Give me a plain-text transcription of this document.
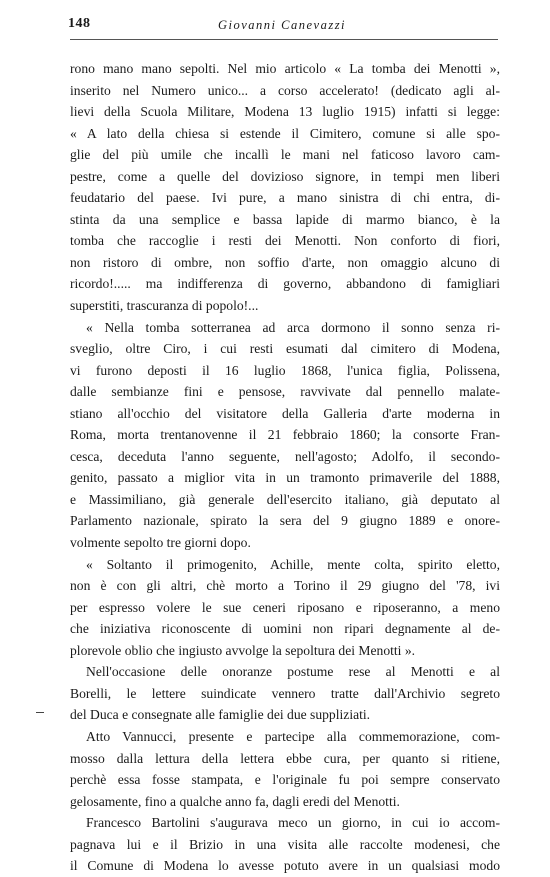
148	Giovanni Canevazzi
rono mano mano sepolti. Nel mio articolo « La tomba dei Menotti »,
inserito nel Numero unico... a corso accelerato! (dedicato agli al-
lievi della Scuola Militare, Modena 13 luglio 1915) infatti si legge:
« A lato della chiesa si estende il Cimitero, comune si alle spo-
glie del più umile che incallì le mani nel faticoso lavoro cam-
pestre, come a quelle del dovizioso signore, in tempi men liberi
feudatario del paese. Ivi pure, a mano sinistra di chi entra, di-
stinta da una semplice e bassa lapide di marmo bianco, è la
tomba che raccoglie i resti dei Menotti. Non conforto di fiori,
non ristoro di ombre, non soffio d'arte, non omaggio alcuno di
ricordo!..... ma indifferenza di governo, abbandono di famigliari
superstiti, trascuranza di popolo!...
« Nella tomba sotterranea ad arca dormono il sonno senza ri-
sveglio, oltre Ciro, i cui resti esumati dal cimitero di Modena,
vi furono deposti il 16 luglio 1868, l'unica figlia, Polissena,
dalle sembianze fini e pensose, ravvivate dal pennello malate-
stiano all'occhio del visitatore della Galleria d'arte moderna in
Roma, morta trentanovenne il 21 febbraio 1860; la consorte Fran-
cesca, deceduta l'anno seguente, nell'agosto; Adolfo, il secondo-
genito, passato a miglior vita in un tramonto primaverile del 1888,
e Massimiliano, già generale dell'esercito italiano, già deputato al
Parlamento nazionale, spirato la sera del 9 giugno 1889 e onore-
volmente sepolto tre giorni dopo.
« Soltanto il primogenito, Achille, mente colta, spirito eletto,
non è con gli altri, chè morto a Torino il 29 giugno del '78, ivi
per espresso volere le sue ceneri riposano e riposeranno, a meno
che iniziativa riconoscente di uomini non ripari degnamente al de-
plorevole oblio che ingiusto avvolge la sepoltura dei Menotti ».
Nell'occasione delle onoranze postume rese al Menotti e al
Borelli, le lettere suindicate vennero tratte dall'Archivio segreto
del Duca e consegnate alle famiglie dei due suppliziati.
Atto Vannucci, presente e partecipe alla commemorazione, com-
mosso dalla lettura della lettera ebbe cura, per quanto si ritiene,
perchè essa fosse stampata, e l'originale fu poi sempre conservato
gelosamente, fino a qualche anno fa, dagli eredi del Menotti.
Francesco Bartolini s'augurava meco un giorno, in cui io accom-
pagnava lui e il Brizio in una visita alle raccolte modenesi, che
il Comune di Modena lo avesse potuto avere in un qualsiasi modo
